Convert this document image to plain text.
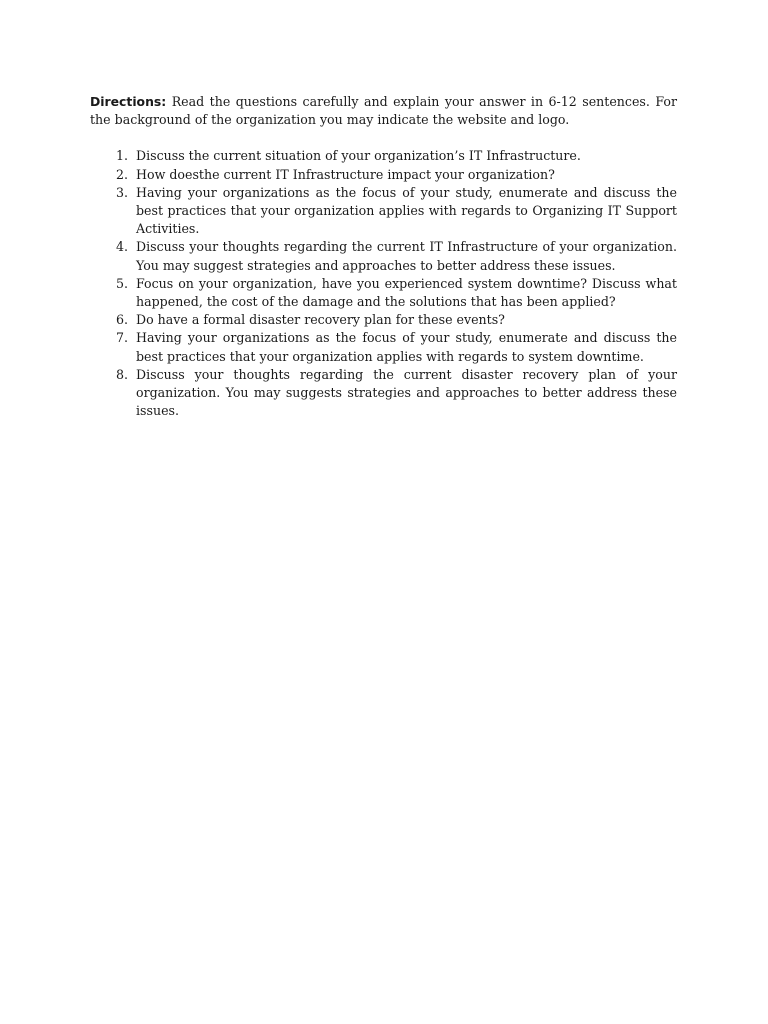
Directions: Read the questions carefully and explain your answer in 6-12 sentences. For the background of the organization you may indicate the website and logo.

1. Discuss the current situation of your organization’s IT Infrastructure.
2. How doesthe current IT Infrastructure impact your organization?
3. Having your organizations as the focus of your study, enumerate and discuss the best practices that your organization applies with regards to Organizing IT Support Activities.
4. Discuss your thoughts regarding the current IT Infrastructure of your organization. You may suggest strategies and approaches to better address these issues.
5. Focus on your organization, have you experienced system downtime? Discuss what happened, the cost of the damage and the solutions that has been applied?
6. Do have a formal disaster recovery plan for these events?
7. Having your organizations as the focus of your study, enumerate and discuss the best practices that your organization applies with regards to system downtime.
8. Discuss your thoughts regarding the current disaster recovery plan of your organization. You may suggests strategies and approaches to better address these issues.
